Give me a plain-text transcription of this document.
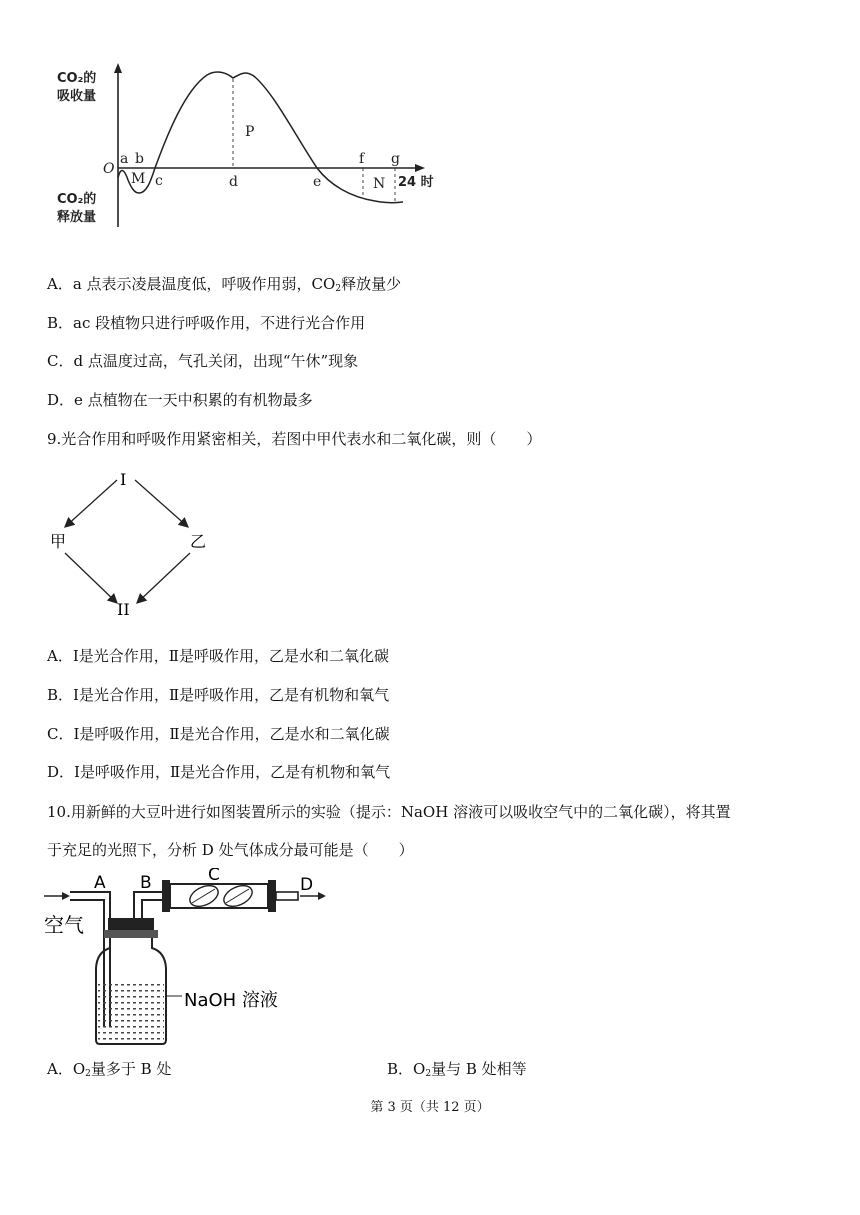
CO₂的
吸收量
CO₂的
释放量
O
a b
M c	d
P
e
f g
N 24 时
A．a 点表示凌晨温度低，呼吸作用弱，$CO_2$释放量少
B．ac 段植物只进行呼吸作用，不进行光合作用
C．d 点温度过高，气孔关闭，出现“午休”现象
D．e 点植物在一天中积累的有机物最多
9.光合作用和呼吸作用紧密相关，若图中甲代表水和二氧化碳，则（　　）
I
甲	乙
II
A．Ⅰ是光合作用，Ⅱ是呼吸作用，乙是水和二氧化碳
B．Ⅰ是光合作用，Ⅱ是呼吸作用，乙是有机物和氧气
C．Ⅰ是呼吸作用，Ⅱ是光合作用，乙是水和二氧化碳
D．Ⅰ是呼吸作用，Ⅱ是光合作用，乙是有机物和氧气
10.用新鲜的大豆叶进行如图装置所示的实验（提示：NaOH 溶液可以吸收空气中的二氧化碳），将其置
于充足的光照下，分析 D 处气体成分最可能是（　　）
空气
A B
NaOH 溶液
C	D
A．$O_2$量多于 B 处	B．$O_2$量与 B 处相等
第 3 页（共 12 页）
